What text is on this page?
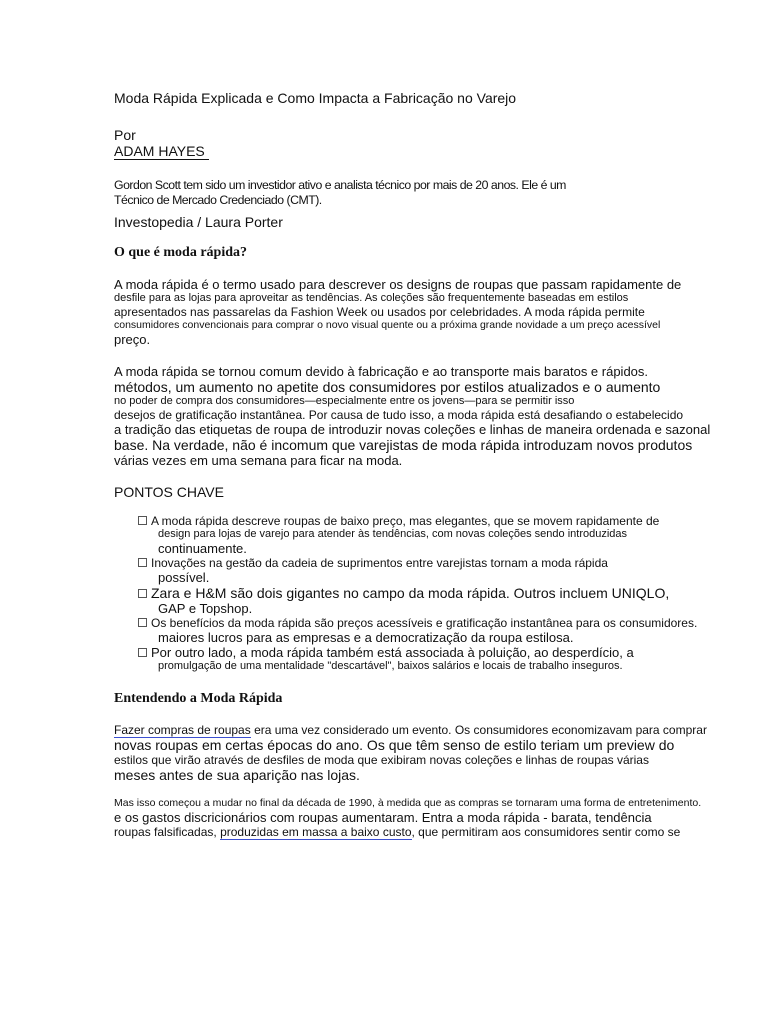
Moda Rápida Explicada e Como Impacta a Fabricação no Varejo

Por

ADAM HAYES

Gordon Scott tem sido um investidor ativo e analista técnico por mais de 20 anos. Ele é um

Técnico de Mercado Credenciado (CMT).

Investopedia / Laura Porter

O que é moda rápida?

A moda rápida é o termo usado para descrever os designs de roupas que passam rapidamente de

desfile para as lojas para aproveitar as tendências. As coleções são frequentemente baseadas em estilos

apresentados nas passarelas da Fashion Week ou usados por celebridades. A moda rápida permite

consumidores convencionais para comprar o novo visual quente ou a próxima grande novidade a um preço acessível

preço.

A moda rápida se tornou comum devido à fabricação e ao transporte mais baratos e rápidos.

métodos, um aumento no apetite dos consumidores por estilos atualizados e o aumento

no poder de compra dos consumidores—especialmente entre os jovens—para se permitir isso

desejos de gratificação instantânea. Por causa de tudo isso, a moda rápida está desafiando o estabelecido

a tradição das etiquetas de roupa de introduzir novas coleções e linhas de maneira ordenada e sazonal

base. Na verdade, não é incomum que varejistas de moda rápida introduzam novos produtos

várias vezes em uma semana para ficar na moda.

PONTOS CHAVE

A moda rápida descreve roupas de baixo preço, mas elegantes, que se movem rapidamente de

design para lojas de varejo para atender às tendências, com novas coleções sendo introduzidas

continuamente.

Inovações na gestão da cadeia de suprimentos entre varejistas tornam a moda rápida

possível.

Zara e H&M são dois gigantes no campo da moda rápida. Outros incluem UNIQLO,

GAP e Topshop.

Os benefícios da moda rápida são preços acessíveis e gratificação instantânea para os consumidores.

maiores lucros para as empresas e a democratização da roupa estilosa.

Por outro lado, a moda rápida também está associada à poluição, ao desperdício, a

promulgação de uma mentalidade "descartável", baixos salários e locais de trabalho inseguros.

Entendendo a Moda Rápida

Fazer compras de roupas era uma vez considerado um evento. Os consumidores economizavam para comprar

novas roupas em certas épocas do ano. Os que têm senso de estilo teriam um preview do

estilos que virão através de desfiles de moda que exibiram novas coleções e linhas de roupas várias

meses antes de sua aparição nas lojas.

Mas isso começou a mudar no final da década de 1990, à medida que as compras se tornaram uma forma de entretenimento.

e os gastos discricionários com roupas aumentaram. Entra a moda rápida - barata, tendência

roupas falsificadas, produzidas em massa a baixo custo, que permitiram aos consumidores sentir como se
